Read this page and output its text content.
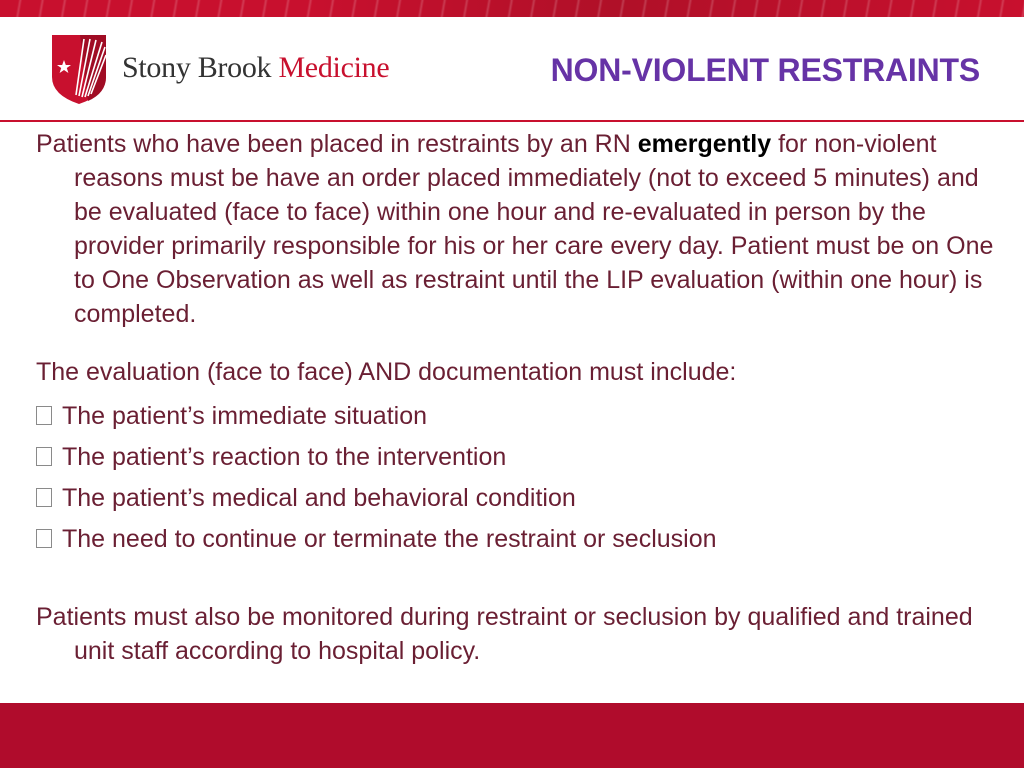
Stony Brook Medicine	NON-VIOLENT RESTRAINTS

Patients who have been placed in restraints by an RN emergently for non-violent reasons must be have an order placed immediately (not to exceed 5 minutes) and be evaluated (face to face) within one hour and re-evaluated in person by the provider primarily responsible for his or her care every day. Patient must be on One to One Observation as well as restraint until the LIP evaluation (within one hour) is completed.

The evaluation (face to face) AND documentation must include:

The patient’s immediate situation
The patient’s reaction to the intervention
The patient’s medical and behavioral condition
The need to continue or terminate the restraint or seclusion

Patients must also be monitored during restraint or seclusion by qualified and trained unit staff according to hospital policy.
